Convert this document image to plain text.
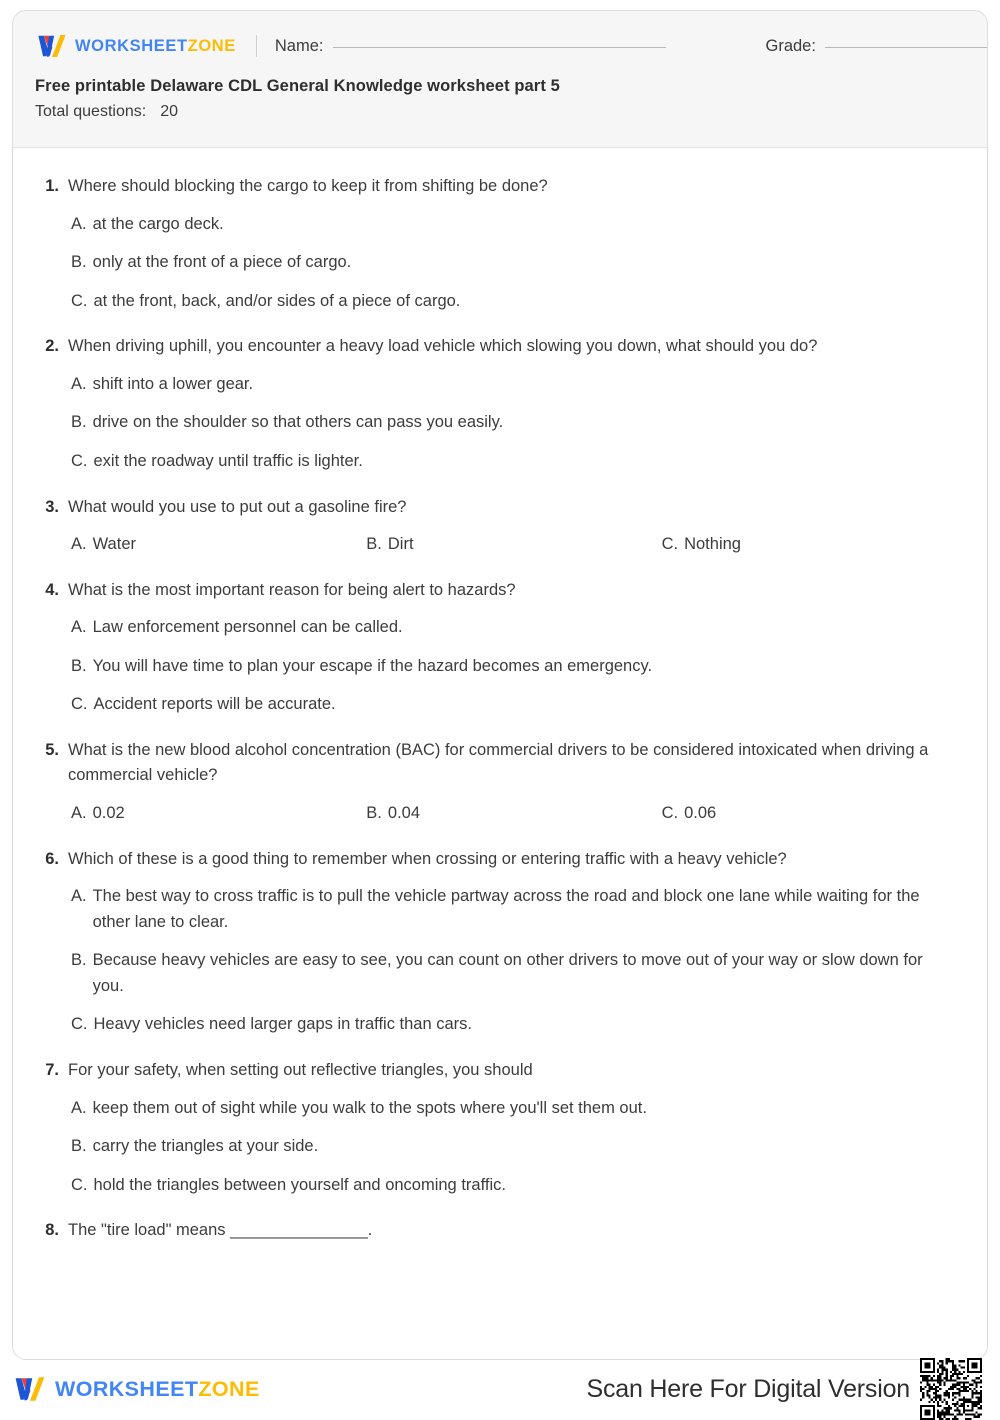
WORKSHEETZONE Name:	Grade:
Free printable Delaware CDL General Knowledge worksheet part 5
Total questions: 20
1. Where should blocking the cargo to keep it from shifting be done?
A. at the cargo deck.
B. only at the front of a piece of cargo.
C. at the front, back, and/or sides of a piece of cargo.
2. When driving uphill, you encounter a heavy load vehicle which slowing you down, what should you do?
A. shift into a lower gear.
B. drive on the shoulder so that others can pass you easily.
C. exit the roadway until traffic is lighter.
3. What would you use to put out a gasoline fire?
A. Water	B. Dirt	C. Nothing
4. What is the most important reason for being alert to hazards?
A. Law enforcement personnel can be called.
B. You will have time to plan your escape if the hazard becomes an emergency.
C. Accident reports will be accurate.
5. What is the new blood alcohol concentration (BAC) for commercial drivers to be considered intoxicated when driving a commercial vehicle?
A. 0.02	B. 0.04	C. 0.06
6. Which of these is a good thing to remember when crossing or entering traffic with a heavy vehicle?
A. The best way to cross traffic is to pull the vehicle partway across the road and block one lane while waiting for the other lane to clear.
B. Because heavy vehicles are easy to see, you can count on other drivers to move out of your way or slow down for you.
C. Heavy vehicles need larger gaps in traffic than cars.
7. For your safety, when setting out reflective triangles, you should
A. keep them out of sight while you walk to the spots where you'll set them out.
B. carry the triangles at your side.
C. hold the triangles between yourself and oncoming traffic.
8. The "tire load" means _______________.
WORKSHEETZONE	Scan Here For Digital Version
